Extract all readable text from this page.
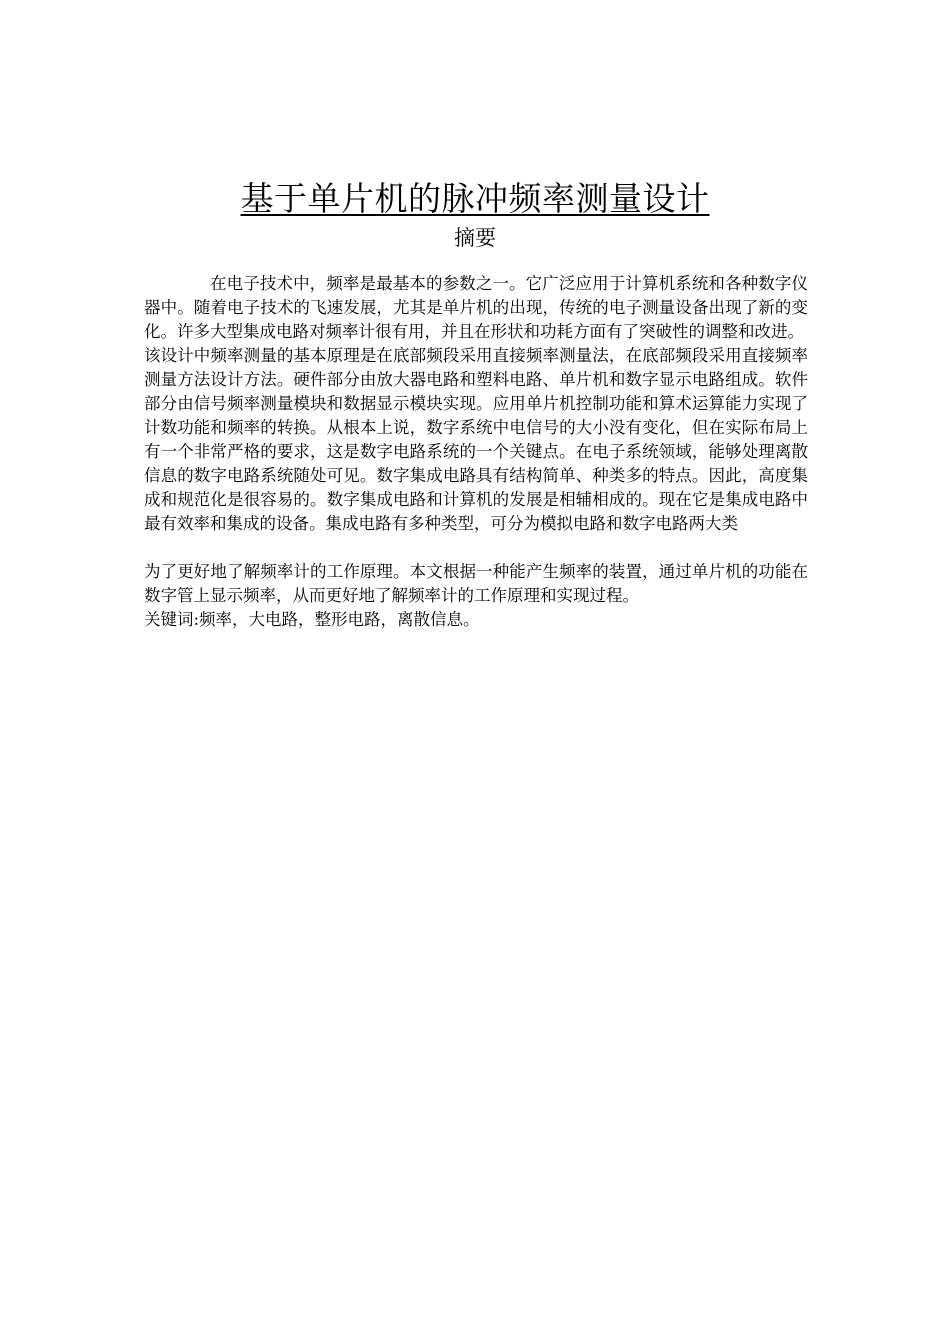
基于单片机的脉冲频率测量设计
摘要

在电子技术中，频率是最基本的参数之一。它广泛应用于计算机系统和各种数字仪器中。随着电子技术的飞速发展，尤其是单片机的出现，传统的电子测量设备出现了新的变化。许多大型集成电路对频率计很有用，并且在形状和功耗方面有了突破性的调整和改进。

该设计中频率测量的基本原理是在底部频段采用直接频率测量法，在底部频段采用直接频率测量方法设计方法。硬件部分由放大器电路和塑料电路、单片机和数字显示电路组成。软件部分由信号频率测量模块和数据显示模块实现。应用单片机控制功能和算术运算能力实现了计数功能和频率的转换。从根本上说，数字系统中电信号的大小没有变化，但在实际布局上有一个非常严格的要求，这是数字电路系统的一个关键点。在电子系统领域，能够处理离散信息的数字电路系统随处可见。数字集成电路具有结构简单、种类多的特点。因此，高度集成和规范化是很容易的。数字集成电路和计算机的发展是相辅相成的。现在它是集成电路中最有效率和集成的设备。集成电路有多种类型，可分为模拟电路和数字电路两大类

为了更好地了解频率计的工作原理。本文根据一种能产生频率的装置，通过单片机的功能在数字管上显示频率，从而更好地了解频率计的工作原理和实现过程。

关键词:频率，大电路，整形电路，离散信息。
